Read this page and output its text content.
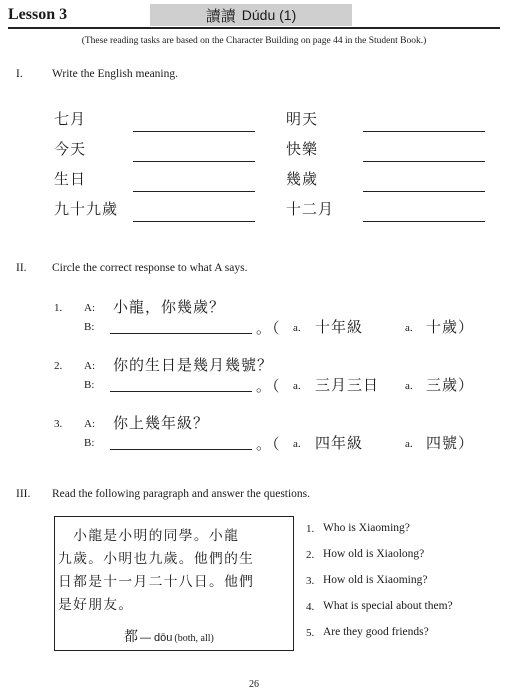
Lesson 3	讀讀 Dúdu (1)
(These reading tasks are based on the Character Building on page 44 in the Student Book.)
I.	Write the English meaning.
七月	明天
今天	快樂
生日	幾歲
九十九歲	十二月
II. Circle the correct response to what A says.
1. A: 小龍，你幾歲？
B:	。（ a. 十年級	a. 十歲）
2. A: 你的生日是幾月幾號？
B:	。（ a. 三月三日 a. 三歲）
3. A: 你上幾年級？
B:	。（ a. 四年級	a. 四號）
III. Read the following paragraph and answer the questions.
　小龍是小明的同學。小龍
九歲。小明也九歲。他們的生
日都是十一月二十八日。他們
是好朋友。
都 — dōu (both, all)
1. Who is Xiaoming?
2. How old is Xiaolong?
3. How old is Xiaoming?
4. What is special about them?
5. Are they good friends?
26
